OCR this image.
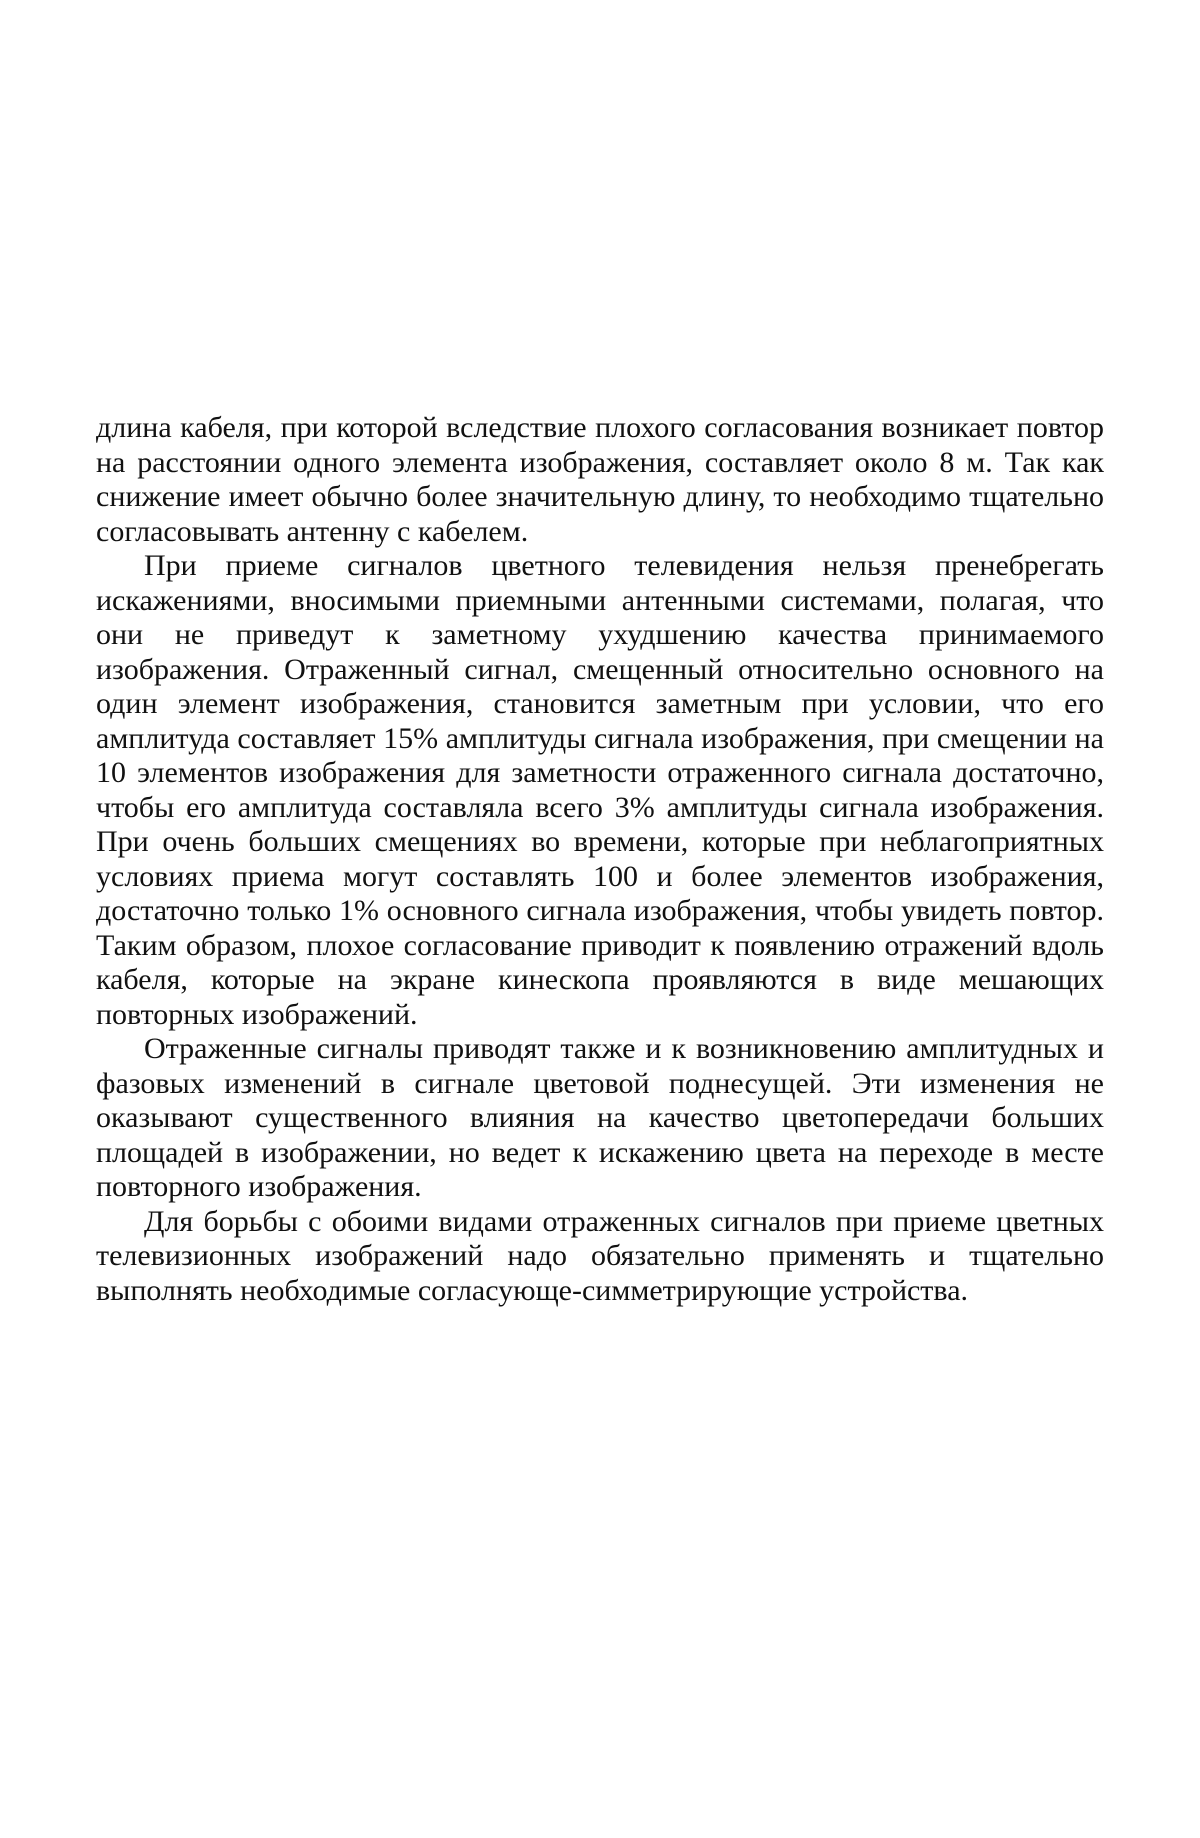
длина кабеля, при которой вследствие плохого согласования возникает повтор на расстоянии одного элемента изображения, составляет около 8 м. Так как снижение имеет обычно более значительную длину, то необходимо тщательно согласовывать антенну с кабелем.

При приеме сигналов цветного телевидения нельзя пренебрегать искажениями, вносимыми приемными антенными системами, полагая, что они не приведут к заметному ухудшению качества принимаемого изображения. Отраженный сигнал, смещенный относительно основного на один элемент изображения, становится заметным при условии, что его амплитуда составляет 15% амплитуды сигнала изображения, при смещении на 10 элементов изображения для заметности отраженного сигнала достаточно, чтобы его амплитуда составляла всего 3% амплитуды сигнала изображения. При очень больших смещениях во времени, которые при неблагоприятных условиях приема могут составлять 100 и более элементов изображения, достаточно только 1% основного сигнала изображения, чтобы увидеть повтор. Таким образом, плохое согласование приводит к появлению отражений вдоль кабеля, которые на экране кинескопа проявляются в виде мешающих повторных изображений.

Отраженные сигналы приводят также и к возникновению амплитудных и фазовых изменений в сигнале цветовой поднесущей. Эти изменения не оказывают существенного влияния на качество цветопередачи больших площадей в изображении, но ведет к искажению цвета на переходе в месте повторного изображения.

Для борьбы с обоими видами отраженных сигналов при приеме цветных телевизионных изображений надо обязательно применять и тщательно выполнять необходимые согласующе-симметрирующие устройства.
